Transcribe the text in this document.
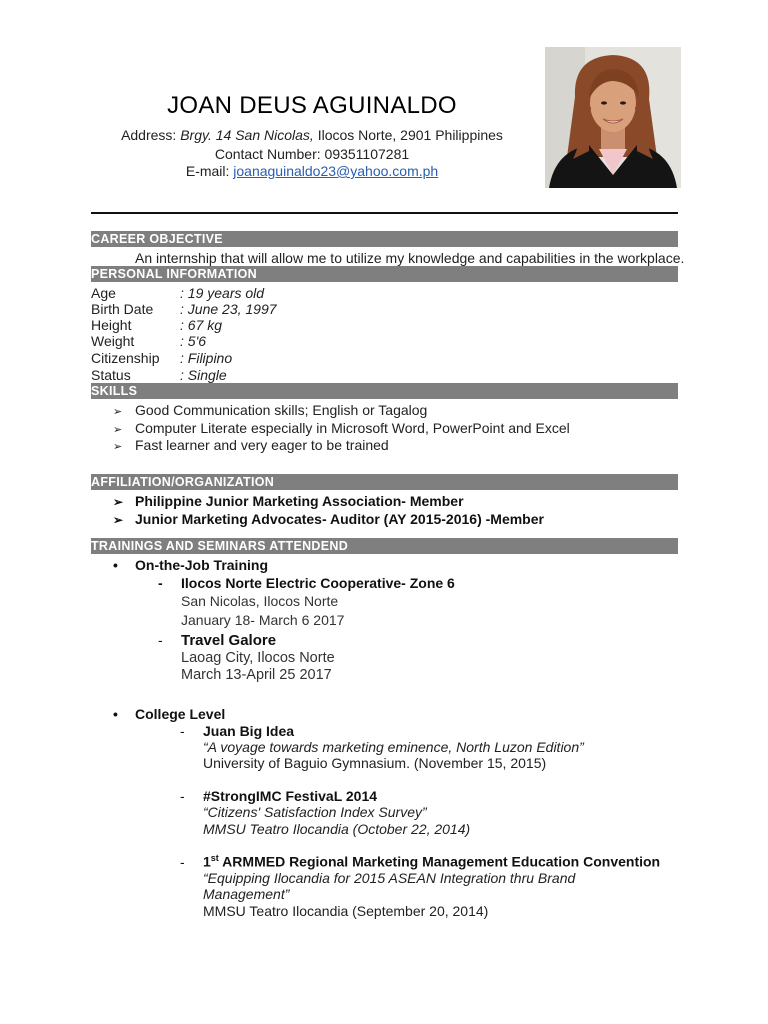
JOAN DEUS AGUINALDO
Address: Brgy. 14 San Nicolas, Ilocos Norte, 2901 Philippines
Contact Number: 09351107281
E-mail: joanaguinaldo23@yahoo.com.ph
CAREER OBJECTIVE
An internship that will allow me to utilize my knowledge and capabilities in the workplace.
PERSONAL INFORMATION
Age	: 19 years old
Birth Date : June 23, 1997
Height	: 67 kg
Weight	: 5'6
Citizenship : Filipino
Status	: Single
SKILLS
➢ Good Communication skills; English or Tagalog
➢ Computer Literate especially in Microsoft Word, PowerPoint and Excel
➢ Fast learner and very eager to be trained
AFFILIATION/ORGANIZATION
➢ Philippine Junior Marketing Association- Member
➢ Junior Marketing Advocates- Auditor (AY 2015-2016) -Member
TRAININGS AND SEMINARS ATTENDEND
• On-the-Job Training
- Ilocos Norte Electric Cooperative- Zone 6
San Nicolas, Ilocos Norte
January 18- March 6 2017
- Travel Galore
Laoag City, Ilocos Norte
March 13-April 25 2017
• College Level
- Juan Big Idea
“A voyage towards marketing eminence, North Luzon Edition”
University of Baguio Gymnasium. (November 15, 2015)
- #StrongIMC FestivaL 2014
“Citizens' Satisfaction Index Survey”
MMSU Teatro Ilocandia (October 22, 2014)
- 1st ARMMED Regional Marketing Management Education Convention
“Equipping Ilocandia for 2015 ASEAN Integration thru Brand
Management”
MMSU Teatro Ilocandia (September 20, 2014)
